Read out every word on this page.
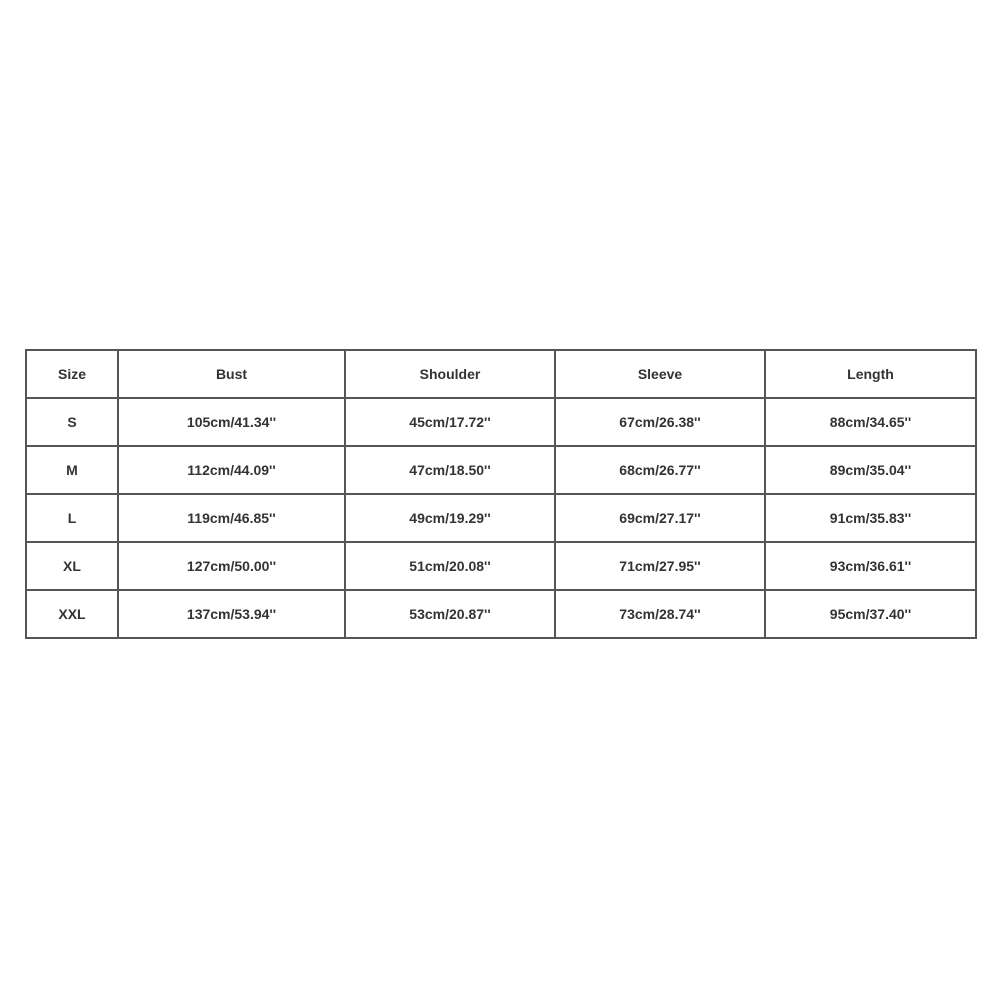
Size	Bust	Shoulder	Sleeve	Length
S	105cm/41.34''	45cm/17.72''	67cm/26.38''	88cm/34.65''
M	112cm/44.09''	47cm/18.50''	68cm/26.77''	89cm/35.04''
L	119cm/46.85''	49cm/19.29''	69cm/27.17''	91cm/35.83''
XL	127cm/50.00''	51cm/20.08''	71cm/27.95''	93cm/36.61''
XXL	137cm/53.94''	53cm/20.87''	73cm/28.74''	95cm/37.40''
